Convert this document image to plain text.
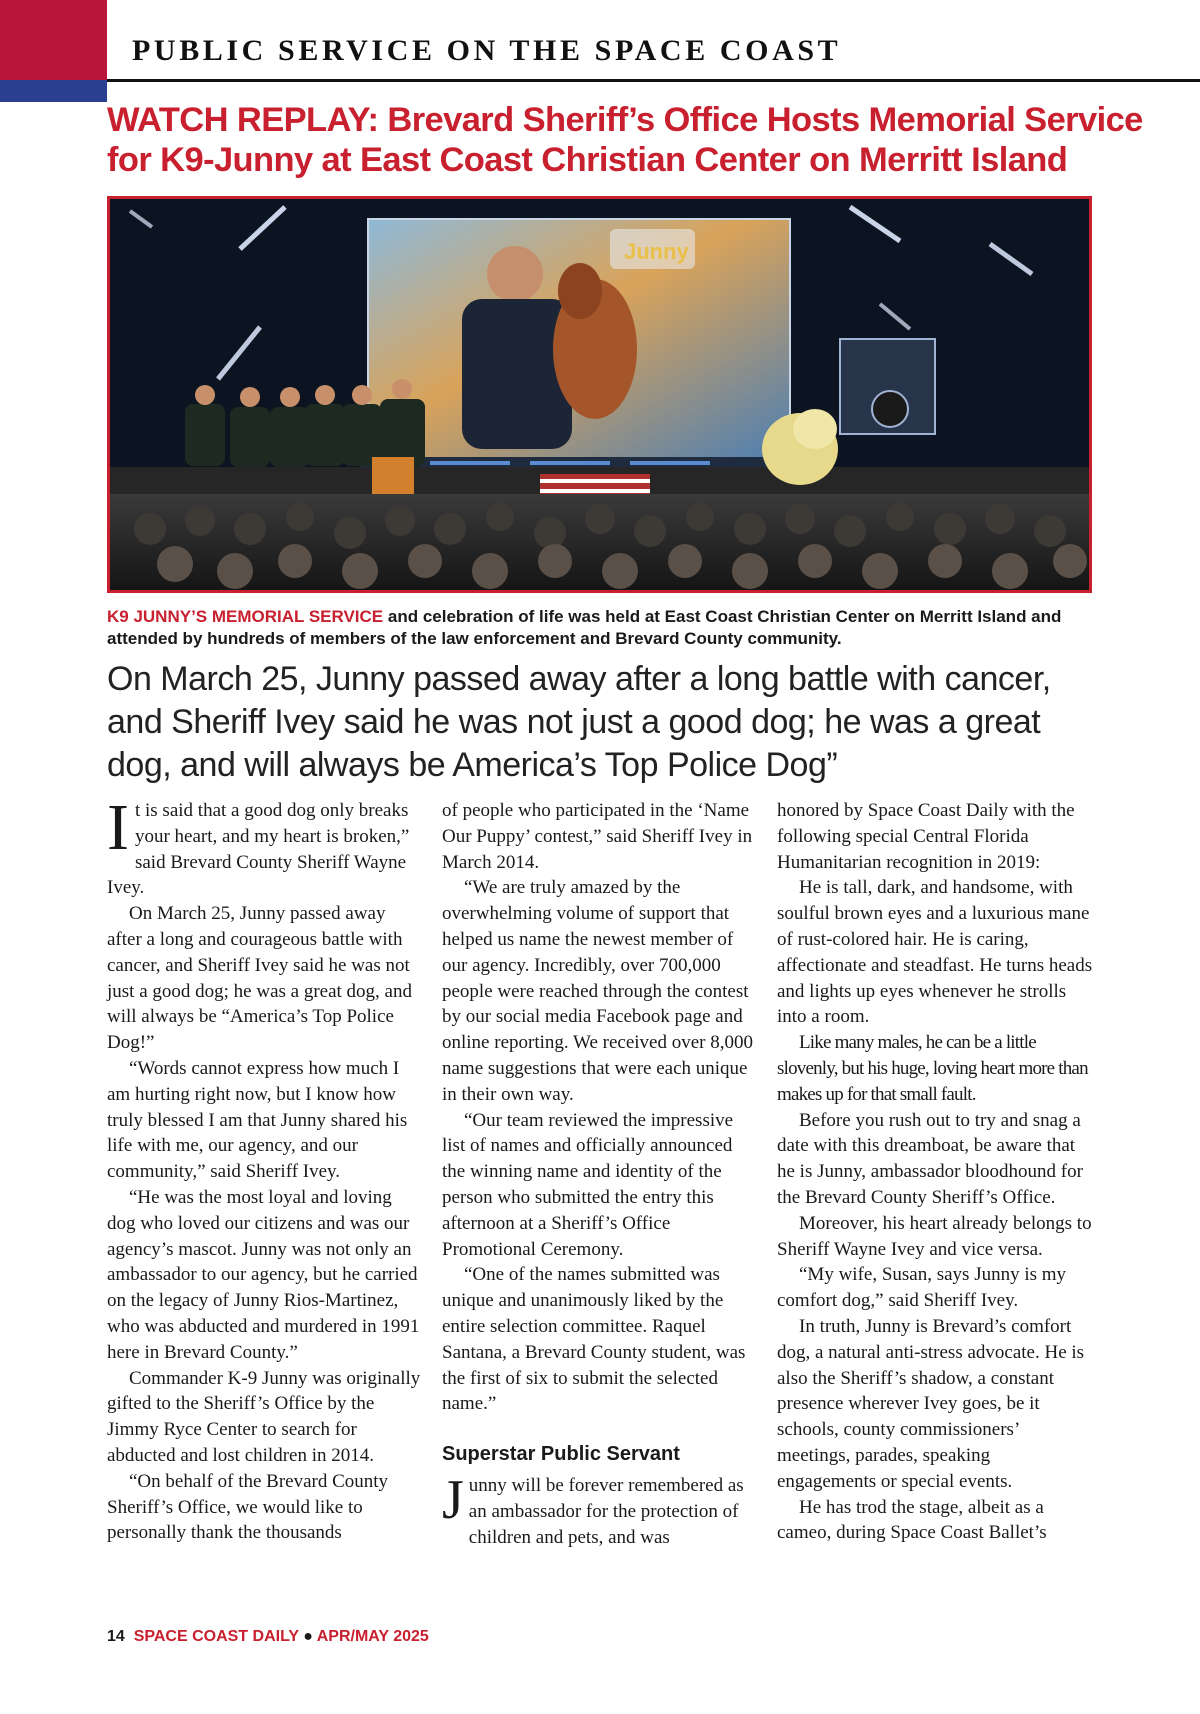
PUBLIC SERVICE ON THE SPACE COAST
WATCH REPLAY: Brevard Sheriff’s Office Hosts Memorial Service for K9-Junny at East Coast Christian Center on Merritt Island
Junny
K9 JUNNY’S MEMORIAL SERVICE and celebration of life was held at East Coast Christian Center on Merritt Island and attended by hundreds of members of the law enforcement and Brevard County community.
On March 25, Junny passed away after a long battle with cancer, and Sheriff Ivey said he was not just a good dog; he was a great dog, and will always be America’s Top Police Dog”

It is said that a good dog only breaks your heart, and my heart is broken,” said Brevard County Sheriff Wayne Ivey.

On March 25, Junny passed away after a long and courageous battle with cancer, and Sheriff Ivey said he was not just a good dog; he was a great dog, and will always be “America’s Top Police Dog!”

“Words cannot express how much I am hurting right now, but I know how truly blessed I am that Junny shared his life with me, our agency, and our community,” said Sheriff Ivey.

“He was the most loyal and loving dog who loved our citizens and was our agency’s mascot. Junny was not only an ambassador to our agency, but he carried on the legacy of Junny Rios-Martinez, who was abducted and murdered in 1991 here in Brevard County.”

Commander K-9 Junny was originally gifted to the Sheriff’s Office by the Jimmy Ryce Center to search for abducted and lost children in 2014.

“On behalf of the Brevard County Sheriff’s Office, we would like to personally thank the thousands

of people who participated in the ‘Name Our Puppy’ contest,” said Sheriff Ivey in March 2014.

“We are truly amazed by the overwhelming volume of support that helped us name the newest member of our agency. Incredibly, over 700,000 people were reached through the contest by our social media Facebook page and online reporting. We received over 8,000 name suggestions that were each unique in their own way.

“Our team reviewed the impressive list of names and officially announced the winning name and identity of the person who submitted the entry this afternoon at a Sheriff’s Office Promotional Ceremony.

“One of the names submitted was unique and unanimously liked by the entire selection committee. Raquel Santana, a Brevard County student, was the first of six to submit the selected name.”

Superstar Public Servant

Junny will be forever remembered as an ambassador for the protection of children and pets, and was

honored by Space Coast Daily with the following special Central Florida Humanitarian recognition in 2019:

He is tall, dark, and handsome, with soulful brown eyes and a luxurious mane of rust-colored hair. He is caring, affectionate and steadfast. He turns heads and lights up eyes whenever he strolls into a room.

Like many males, he can be a little slovenly, but his huge, loving heart more than makes up for that small fault.

Before you rush out to try and snag a date with this dreamboat, be aware that he is Junny, ambassador bloodhound for the Brevard County Sheriff’s Office.

Moreover, his heart already belongs to Sheriff Wayne Ivey and vice versa.

“My wife, Susan, says Junny is my comfort dog,” said Sheriff Ivey.

In truth, Junny is Brevard’s comfort dog, a natural anti-stress advocate. He is also the Sheriff’s shadow, a constant presence wherever Ivey goes, be it schools, county commissioners’ meetings, parades, speaking engagements or special events.

He has trod the stage, albeit as a cameo, during Space Coast Ballet’s

14 SPACE COAST DAILY ● APR/MAY 2025
